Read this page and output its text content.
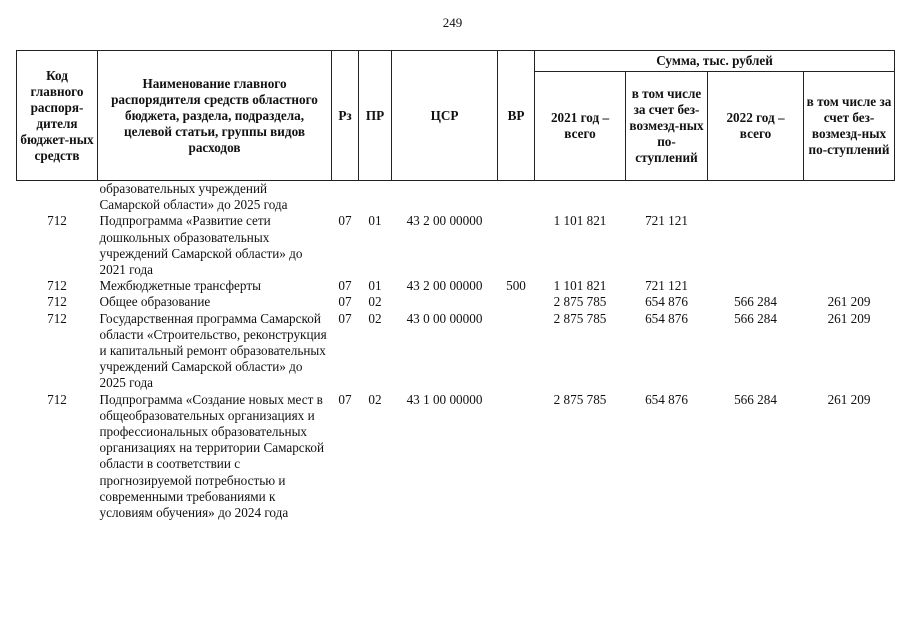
249
Код главного распоря-дителя бюджет-ных средств	Наименование главного распорядителя средств областного бюджета, раздела, подраздела, целевой статьи, группы видов расходов	Рз	ПР	ЦСР	ВР	Сумма, тыс. рублей			
						2021 год – всего	в том числе за счет без-возмезд-ных по-ступлений	2022 год – всего	в том числе за счет без-возмезд-ных по-ступлений
	образовательных учреждений Самарской области» до 2025 года								
712	Подпрограмма «Развитие сети дошкольных образовательных учреждений Самарской области» до 2021 года	07	01	43 2 00 00000		1 101 821	721 121		
712	Межбюджетные трансферты	07	01	43 2 00 00000	500	1 101 821	721 121		
712	Общее образование	07	02			2 875 785	654 876	566 284	261 209
712	Государственная программа Самарской области «Строительство, реконструкция и капитальный ремонт образовательных учреждений Самарской области» до 2025 года	07	02	43 0 00 00000		2 875 785	654 876	566 284	261 209
712	Подпрограмма «Создание новых мест в общеобразовательных организациях и профессиональных образовательных организациях на территории Самарской области в соответствии с прогнозируемой потребностью и современными требованиями к условиям обучения» до 2024 года	07	02	43 1 00 00000		2 875 785	654 876	566 284	261 209
